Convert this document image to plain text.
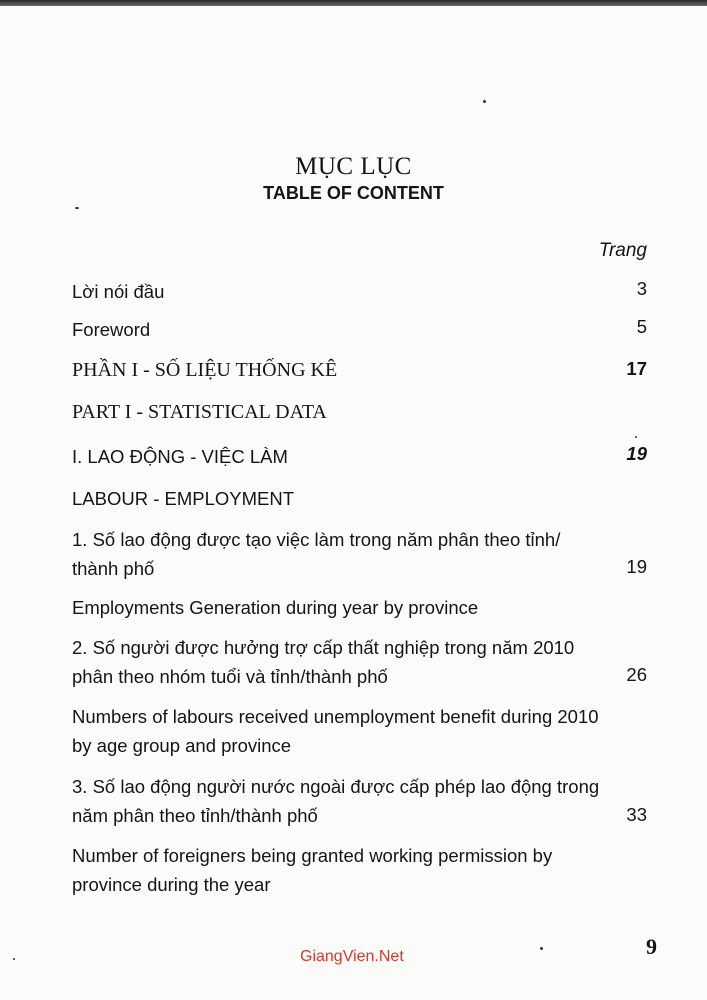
MỤC LỤC
TABLE OF CONTENT
Trang
Lời nói đầu	3
Foreword	5
PHẦN I - SỐ LIỆU THỐNG KÊ	17
PART I - STATISTICAL DATA
I. LAO ĐỘNG - VIỆC LÀM	19
LABOUR - EMPLOYMENT
1. Số lao động được tạo việc làm trong năm phân theo tỉnh/
thành phố	19
Employments Generation during year by province
2. Số người được hưởng trợ cấp thất nghiệp trong năm 2010
phân theo nhóm tuổi và tỉnh/thành phố	26
Numbers of labours received unemployment benefit during 2010
by age group and province
3. Số lao động người nước ngoài được cấp phép lao động trong
năm phân theo tỉnh/thành phố	33
Number of foreigners being granted working permission by
province during the year
GiangVien.Net	9
